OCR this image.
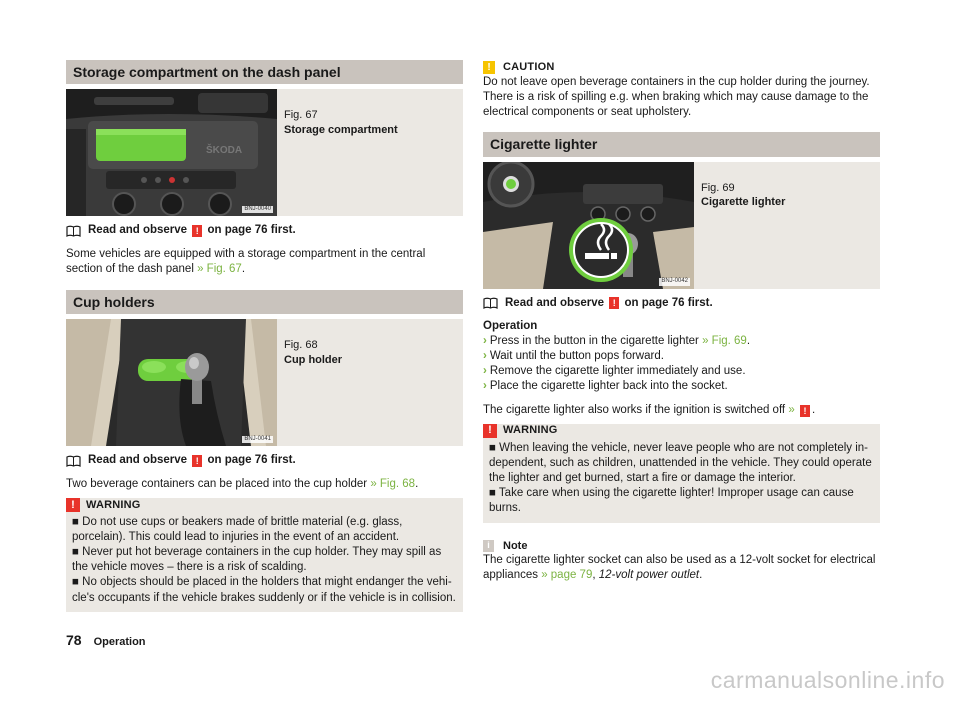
Storage compartment on the dash panel
ŠKODA
BNJ-0040
Fig. 67
Storage compartment
Read and observe
!
on page 76 first.

Some vehicles are equipped with a storage compartment in the central section of the dash panel » Fig. 67.

Cup holders
BNJ-0041
Fig. 68
Cup holder
Read and observe
!
on page 76 first.

Two beverage containers can be placed into the cup holder » Fig. 68.

!	WARNING
■ Do not use cups or beakers made of brittle material (e.g. glass, porcelain). This could lead to injuries in the event of an accident.
■ Never put hot beverage containers in the cup holder. They may spill as the vehicle moves – there is a risk of scalding.
■ No objects should be placed in the holders that might endanger the vehi-cle's occupants if the vehicle brakes suddenly or if the vehicle is in collision.
!	CAUTION

Do not leave open beverage containers in the cup holder during the journey. There is a risk of spilling e.g. when braking which may cause damage to the electrical components or seat upholstery.

Cigarette lighter
BNJ-0042
Fig. 69
Cigarette lighter
Read and observe
!
on page 76 first.
Operation
› Press in the button in the cigarette lighter » Fig. 69.
› Wait until the button pops forward.
› Remove the cigarette lighter immediately and use.
› Place the cigarette lighter back into the socket.

The cigarette lighter also works if the ignition is switched off » ! .

!	WARNING
■ When leaving the vehicle, never leave people who are not completely in-dependent, such as children, unattended in the vehicle. They could operate the lighter and get burned, start a fire or damage the interior.
■ Take care when using the cigarette lighter! Improper usage can cause burns.
i	Note

The cigarette lighter socket can also be used as a 12-volt socket for electrical appliances » page 79, 12-volt power outlet.

78 Operation
carmanualsonline.info
